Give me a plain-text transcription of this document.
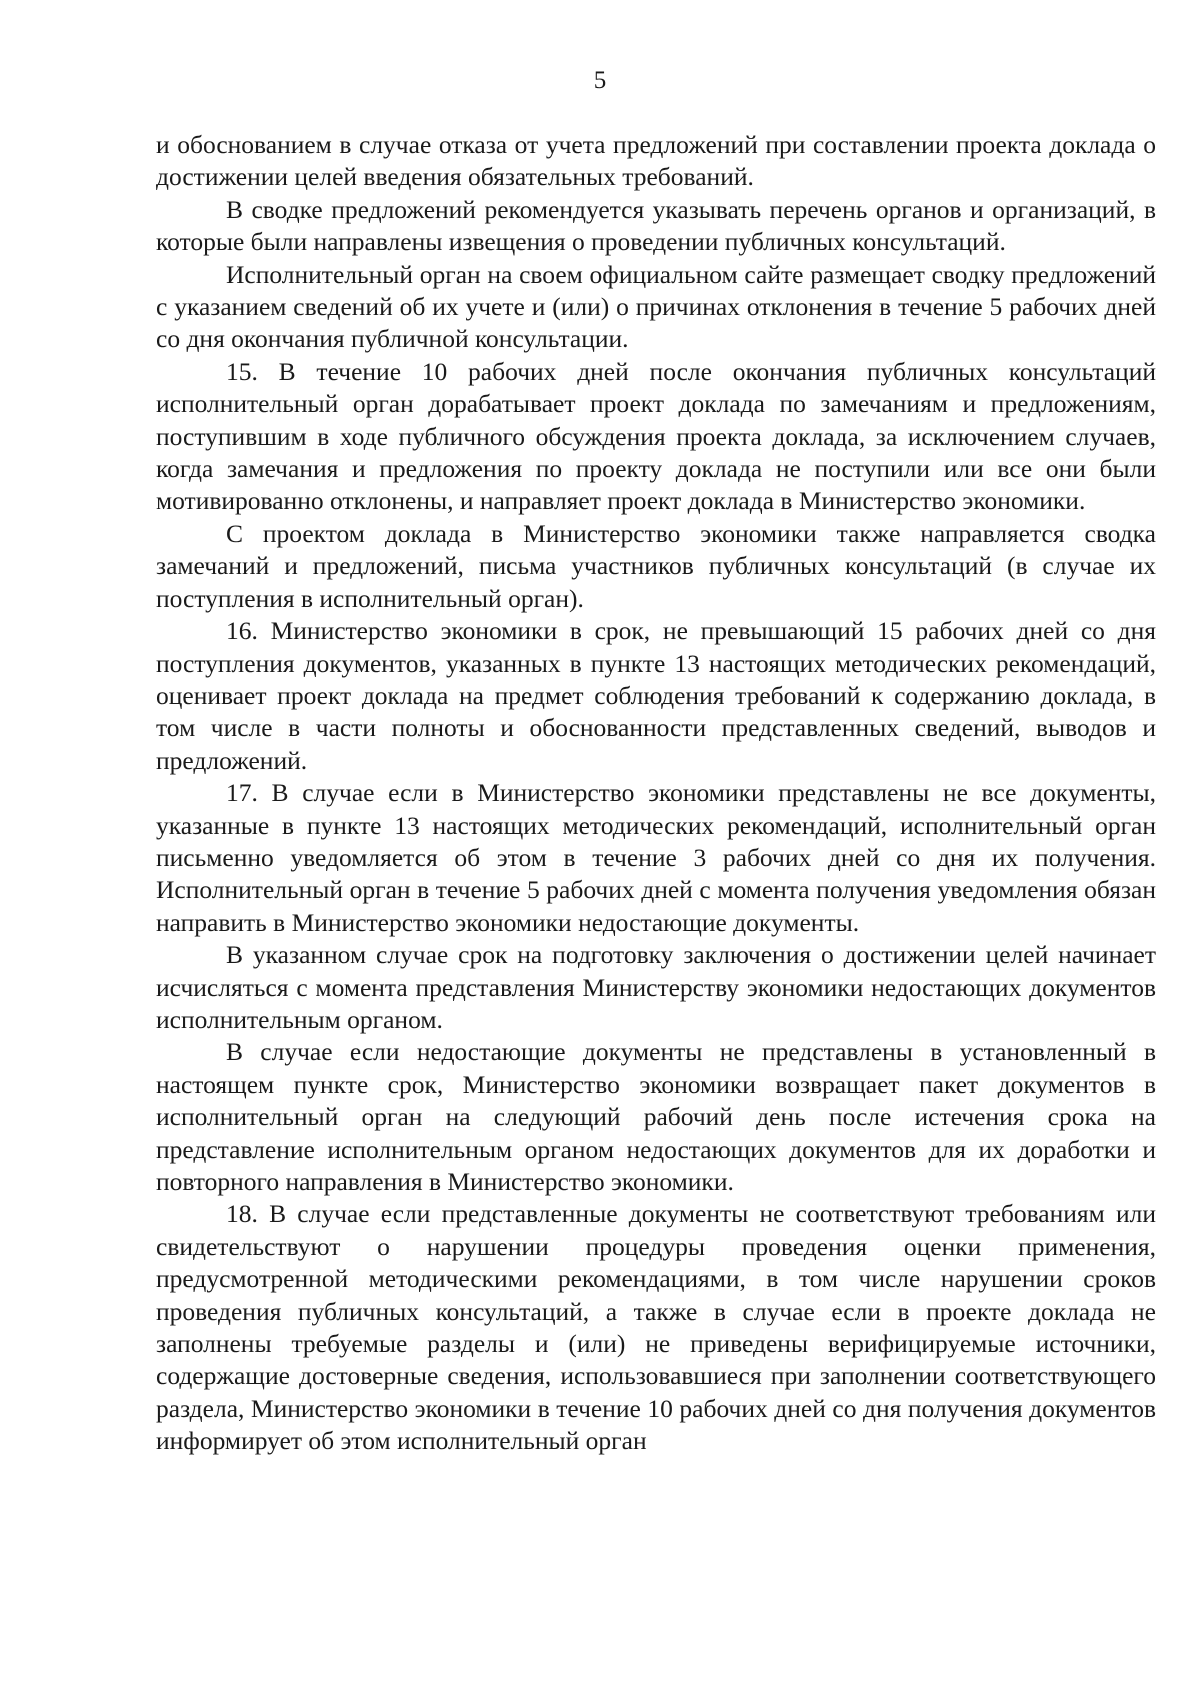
5

и обоснованием в случае отказа от учета предложений при составлении проекта доклада о достижении целей введения обязательных требований.

В сводке предложений рекомендуется указывать перечень органов и организаций, в которые были направлены извещения о проведении публичных консультаций.

Исполнительный орган на своем официальном сайте размещает сводку предложений с указанием сведений об их учете и (или) о причинах отклонения в течение 5 рабочих дней со дня окончания публичной консультации.

15. В течение 10 рабочих дней после окончания публичных консультаций исполнительный орган дорабатывает проект доклада по замечаниям и предложениям, поступившим в ходе публичного обсуждения проекта доклада, за исключением случаев, когда замечания и предложения по проекту доклада не поступили или все они были мотивированно отклонены, и направляет проект доклада в Министерство экономики.

С проектом доклада в Министерство экономики также направляется сводка замечаний и предложений, письма участников публичных консультаций (в случае их поступления в исполнительный орган).

16. Министерство экономики в срок, не превышающий 15 рабочих дней со дня поступления документов, указанных в пункте 13 настоящих методических рекомендаций, оценивает проект доклада на предмет соблюдения требований к содержанию доклада, в том числе в части полноты и обоснованности представленных сведений, выводов и предложений.

17. В случае если в Министерство экономики представлены не все документы, указанные в пункте 13 настоящих методических рекомендаций, исполнительный орган письменно уведомляется об этом в течение 3 рабочих дней со дня их получения. Исполнительный орган в течение 5 рабочих дней с момента получения уведомления обязан направить в Министерство экономики недостающие документы.

В указанном случае срок на подготовку заключения о достижении целей начинает исчисляться с момента представления Министерству экономики недостающих документов исполнительным органом.

В случае если недостающие документы не представлены в установленный в настоящем пункте срок, Министерство экономики возвращает пакет документов в исполнительный орган на следующий рабочий день после истечения срока на представление исполнительным органом недостающих документов для их доработки и повторного направления в Министерство экономики.

18. В случае если представленные документы не соответствуют требованиям или свидетельствуют о нарушении процедуры проведения оценки применения, предусмотренной методическими рекомендациями, в том числе нарушении сроков проведения публичных консультаций, а также в случае если в проекте доклада не заполнены требуемые разделы и (или) не приведены верифицируемые источники, содержащие достоверные сведения, использовавшиеся при заполнении соответствующего раздела, Министерство экономики в течение 10 рабочих дней со дня получения документов информирует об этом исполнительный орган
